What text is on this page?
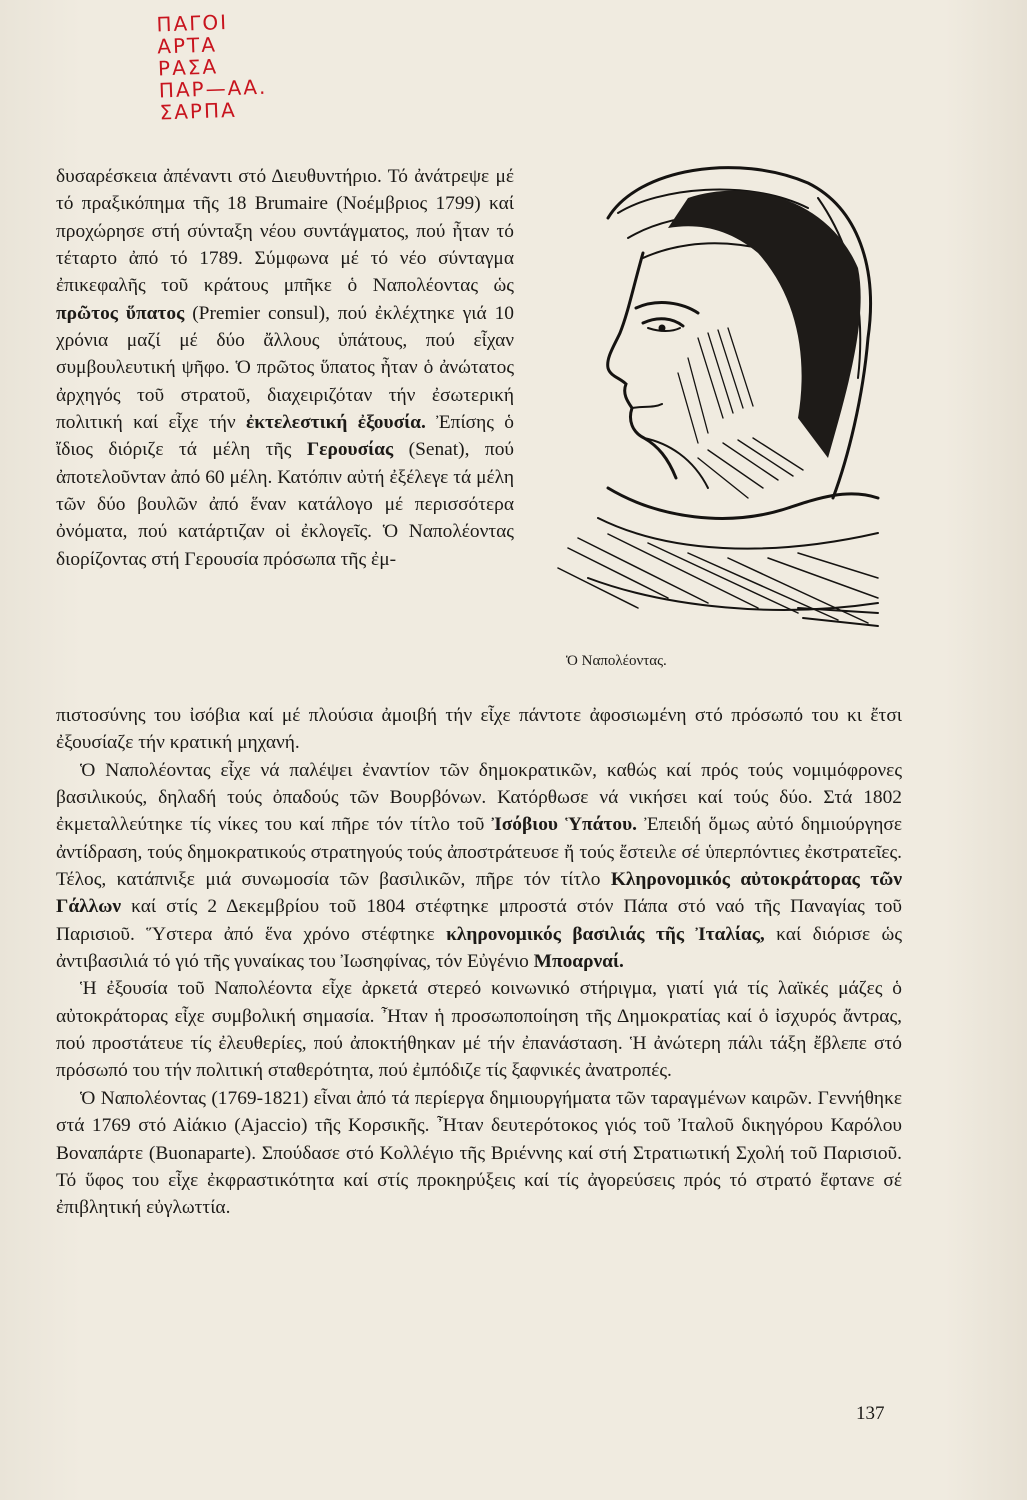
ΠΑΓΟΙ
ΑΡΤΑ
ΡΑΣΑ
ΠΑΡ—ΑΑ.
ΣΑΡΠΑ

δυσαρέσκεια ἀπέναντι στό Διευθυντήριο. Τό ἀνάτρεψε μέ τό πραξικόπημα τῆς 18 Brumaire (Νοέμβριος 1799) καί προχώρησε στή σύνταξη νέου συντάγματος, πού ἦταν τό τέταρτο ἀπό τό 1789. Σύμφωνα μέ τό νέο σύνταγμα ἐπικεφαλῆς τοῦ κράτους μπῆκε ὁ Ναπολέοντας ὡς πρῶτος ὕπατος (Premier consul), πού ἐκλέχτηκε γιά 10 χρόνια μαζί μέ δύο ἄλλους ὑπάτους, πού εἶχαν συμβουλευτική ψῆφο. Ὁ πρῶτος ὕπατος ἦταν ὁ ἀνώτατος ἀρχηγός τοῦ στρατοῦ, διαχειριζόταν τήν ἐσωτερική πολιτική καί εἶχε τήν ἐκτελεστική ἐξουσία. Ἐπίσης ὁ ἴδιος διόριζε τά μέλη τῆς Γερουσίας (Senat), πού ἀποτελοῦνταν ἀπό 60 μέλη. Κατόπιν αὐτή ἐξέλεγε τά μέλη τῶν δύο βουλῶν ἀπό ἕναν κατάλογο μέ περισσότερα ὀνόματα, πού κατάρτιζαν οἱ ἐκλογεῖς. Ὁ Ναπολέοντας διορίζοντας στή Γερουσία πρόσωπα τῆς ἐμ-

Ὁ Ναπολέοντας.

πιστοσύνης του ἰσόβια καί μέ πλούσια ἀμοιβή τήν εἶχε πάντοτε ἀφοσιωμένη στό πρόσωπό του κι ἔτσι ἐξουσίαζε τήν κρατική μηχανή.

Ὁ Ναπολέοντας εἶχε νά παλέψει ἐναντίον τῶν δημοκρατικῶν, καθώς καί πρός τούς νομιμόφρονες βασιλικούς, δηλαδή τούς ὀπαδούς τῶν Βουρβόνων. Κατόρθωσε νά νικήσει καί τούς δύο. Στά 1802 ἐκμεταλλεύτηκε τίς νίκες του καί πῆρε τόν τίτλο τοῦ Ἰσόβιου Ὑπάτου. Ἐπειδή ὅμως αὐτό δημιούργησε ἀντίδραση, τούς δημοκρατικούς στρατηγούς τούς ἀποστράτευσε ἤ τούς ἔστειλε σέ ὑπερπόντιες ἐκστρατεῖες. Τέλος, κατάπνιξε μιά συνωμοσία τῶν βασιλικῶν, πῆρε τόν τίτλο Κληρονομικός αὐτοκράτορας τῶν Γάλλων καί στίς 2 Δεκεμβρίου τοῦ 1804 στέφτηκε μπροστά στόν Πάπα στό ναό τῆς Παναγίας τοῦ Παρισιοῦ. Ὕστερα ἀπό ἕνα χρόνο στέφτηκε κληρονομικός βασιλιάς τῆς Ἰταλίας, καί διόρισε ὡς ἀντιβασιλιά τό γιό τῆς γυναίκας του Ἰωσηφίνας, τόν Εὐγένιο Μποαρναί.

Ἡ ἐξουσία τοῦ Ναπολέοντα εἶχε ἀρκετά στερεό κοινωνικό στήριγμα, γιατί γιά τίς λαϊκές μάζες ὁ αὐτοκράτορας εἶχε συμβολική σημασία. Ἦταν ἡ προσωποποίηση τῆς Δημοκρατίας καί ὁ ἰσχυρός ἄντρας, πού προστάτευε τίς ἐλευθερίες, πού ἀποκτήθηκαν μέ τήν ἐπανάσταση. Ἡ ἀνώτερη πάλι τάξη ἔβλεπε στό πρόσωπό του τήν πολιτική σταθερότητα, πού ἐμπόδιζε τίς ξαφνικές ἀνατροπές.

Ὁ Ναπολέοντας (1769-1821) εἶναι ἀπό τά περίεργα δημιουργήματα τῶν ταραγμένων καιρῶν. Γεννήθηκε στά 1769 στό Αἰάκιο (Ajaccio) τῆς Κορσικῆς. Ἦταν δευτερότοκος γιός τοῦ Ἰταλοῦ δικηγόρου Καρόλου Βοναπάρτε (Buonaparte). Σπούδασε στό Κολλέγιο τῆς Βριέννης καί στή Στρατιωτική Σχολή τοῦ Παρισιοῦ. Τό ὕφος του εἶχε ἐκφραστικότητα καί στίς προκηρύξεις καί τίς ἀγορεύσεις πρός τό στρατό ἔφτανε σέ ἐπιβλητική εὐγλωττία.

137
